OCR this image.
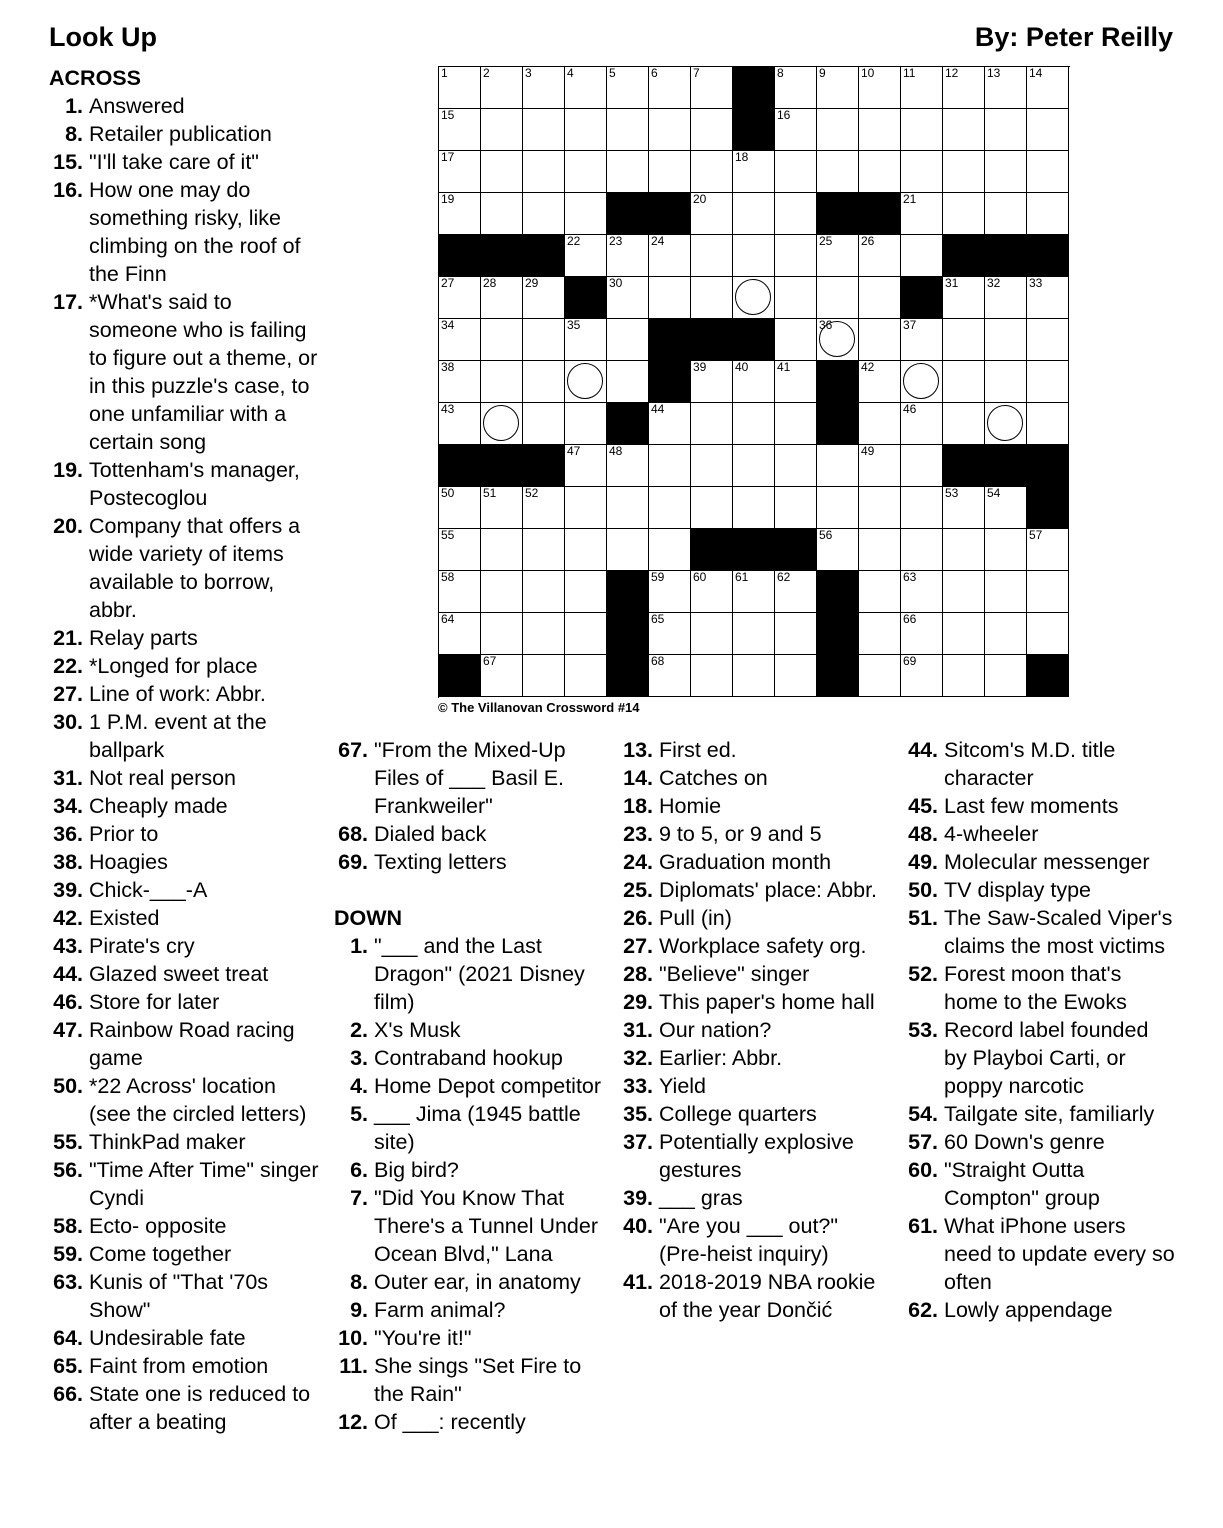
Look Up	By: Peter Reilly
1	2	3	4	5	6	7	8	9	10 11 12 13 14
15	16
17	18
19	20	21
22 23 24	25 26
27 28 29	30	31 32 33
34	35	36	37
38	39 40 41	42
43	44	46
47 48	49
50 51 52	53 54
55	56	57
58	59 60 61 62	63
64	65	66
67	68	69
© The Villanovan Crossword #14
ACROSS
1. Answered
8. Retailer publication
15. "I'll take care of it"
16. How one may do something risky, like climbing on the roof of the Finn
17. *What's said to someone who is failing to figure out a theme, or in this puzzle's case, to one unfamiliar with a certain song
19. Tottenham's manager, Postecoglou
20. Company that offers a wide variety of items available to borrow, abbr.
21. Relay parts
22. *Longed for place
27. Line of work: Abbr.
30. 1 P.M. event at the ballpark
31. Not real person
34. Cheaply made
36. Prior to
38. Hoagies
39. Chick-___-A
42. Existed
43. Pirate's cry
44. Glazed sweet treat
46. Store for later
47. Rainbow Road racing game
50. *22 Across' location (see the circled letters)
55. ThinkPad maker
56. "Time After Time" singer Cyndi
58. Ecto- opposite
59. Come together
63. Kunis of "That '70s Show"
64. Undesirable fate
65. Faint from emotion
66. State one is reduced to after a beating
67. "From the Mixed-Up Files of ___ Basil E. Frankweiler"
68. Dialed back
69. Texting letters
DOWN
1. "___ and the Last Dragon" (2021 Disney film)
2. X's Musk
3. Contraband hookup
4. Home Depot competitor
5. ___ Jima (1945 battle site)
6. Big bird?
7. "Did You Know That There's a Tunnel Under Ocean Blvd," Lana
8. Outer ear, in anatomy
9. Farm animal?
10. "You're it!"
11. She sings "Set Fire to the Rain"
12. Of ___: recently
13. First ed.
14. Catches on
18. Homie
23. 9 to 5, or 9 and 5
24. Graduation month
25. Diplomats' place: Abbr.
26. Pull (in)
27. Workplace safety org.
28. "Believe" singer
29. This paper's home hall
31. Our nation?
32. Earlier: Abbr.
33. Yield
35. College quarters
37. Potentially explosive gestures
39. ___ gras
40. "Are you ___ out?" (Pre-heist inquiry)
41. 2018-2019 NBA rookie of the year Dončić
44. Sitcom's M.D. title character
45. Last few moments
48. 4-wheeler
49. Molecular messenger
50. TV display type
51. The Saw-Scaled Viper's claims the most victims
52. Forest moon that's home to the Ewoks
53. Record label founded by Playboi Carti, or poppy narcotic
54. Tailgate site, familiarly
57. 60 Down's genre
60. "Straight Outta Compton" group
61. What iPhone users need to update every so often
62. Lowly appendage
